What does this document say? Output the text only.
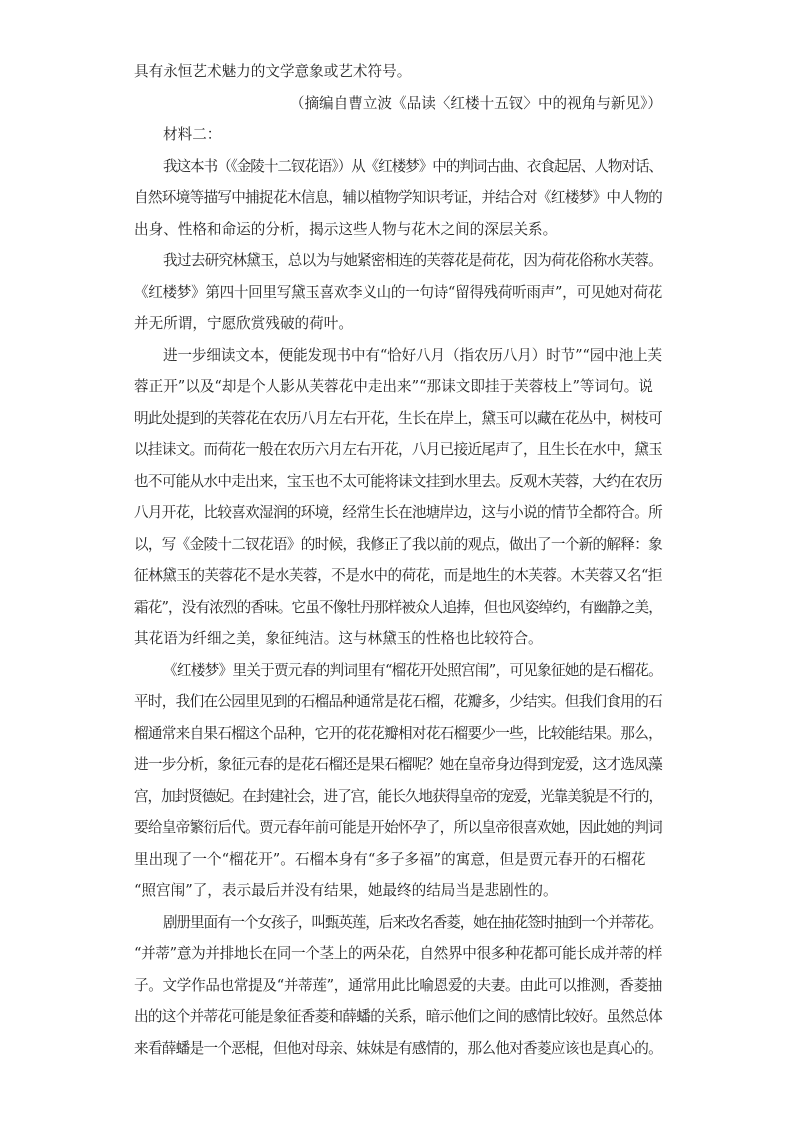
具有永恒艺术魅力的文学意象或艺术符号。
（摘编自曹立波《品读〈红楼十五钗〉中的视角与新见》）
材料二：
我这本书（《金陵十二钗花语》）从《红楼梦》中的判词古曲、衣食起居、人物对话、
自然环境等描写中捕捉花木信息，辅以植物学知识考证，并结合对《红楼梦》中人物的
出身、性格和命运的分析，揭示这些人物与花木之间的深层关系。
我过去研究林黛玉，总以为与她紧密相连的芙蓉花是荷花，因为荷花俗称水芙蓉。
《红楼梦》第四十回里写黛玉喜欢李义山的一句诗“留得残荷听雨声”，可见她对荷花
并无所谓，宁愿欣赏残破的荷叶。
进一步细读文本，便能发现书中有“恰好八月（指农历八月）时节”“园中池上芙
蓉正开”以及“却是个人影从芙蓉花中走出来”“那诔文即挂于芙蓉枝上”等词句。说
明此处提到的芙蓉花在农历八月左右开花，生长在岸上，黛玉可以藏在花丛中，树枝可
以挂诔文。而荷花一般在农历六月左右开花，八月已接近尾声了，且生长在水中，黛玉
也不可能从水中走出来，宝玉也不太可能将诔文挂到水里去。反观木芙蓉，大约在农历
八月开花，比较喜欢湿润的环境，经常生长在池塘岸边，这与小说的情节全都符合。所
以，写《金陵十二钗花语》的时候，我修正了我以前的观点，做出了一个新的解释：象
征林黛玉的芙蓉花不是水芙蓉，不是水中的荷花，而是地生的木芙蓉。木芙蓉又名“拒
霜花”，没有浓烈的香味。它虽不像牡丹那样被众人追捧，但也风姿绰约，有幽静之美，
其花语为纤细之美，象征纯洁。这与林黛玉的性格也比较符合。
《红楼梦》里关于贾元春的判词里有“榴花开处照宫闱”，可见象征她的是石榴花。
平时，我们在公园里见到的石榴品种通常是花石榴，花瓣多，少结实。但我们食用的石
榴通常来自果石榴这个品种，它开的花花瓣相对花石榴要少一些，比较能结果。那么，
进一步分析，象征元春的是花石榴还是果石榴呢？她在皇帝身边得到宠爱，这才选凤藻
宫，加封贤德妃。在封建社会，进了宫，能长久地获得皇帝的宠爱，光靠美貌是不行的，
要给皇帝繁衍后代。贾元春年前可能是开始怀孕了，所以皇帝很喜欢她，因此她的判词
里出现了一个“榴花开”。石榴本身有“多子多福”的寓意，但是贾元春开的石榴花
“照宫闱”了，表示最后并没有结果，她最终的结局当是悲剧性的。
剧册里面有一个女孩子，叫甄英莲，后来改名香菱，她在抽花签时抽到一个并蒂花。
“并蒂”意为并排地长在同一个茎上的两朵花，自然界中很多种花都可能长成并蒂的样
子。文学作品也常提及“并蒂莲”，通常用此比喻恩爱的夫妻。由此可以推测，香菱抽
出的这个并蒂花可能是象征香菱和薛蟠的关系，暗示他们之间的感情比较好。虽然总体
来看薛蟠是一个恶棍，但他对母亲、妹妹是有感情的，那么他对香菱应该也是真心的。
